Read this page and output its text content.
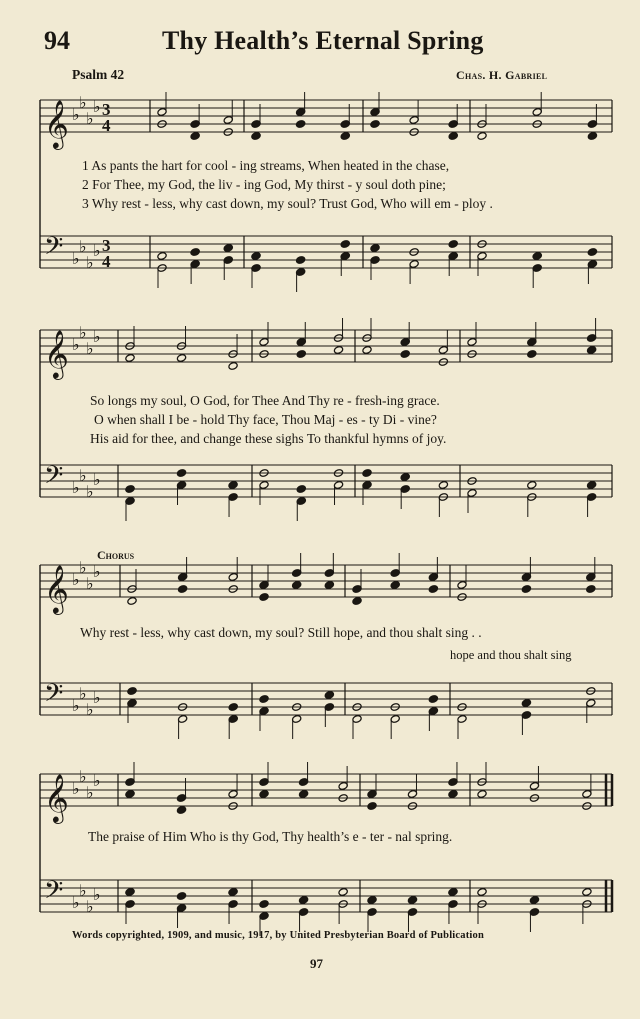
94	Thy Health’s Eternal Spring
Psalm 42	Chas. H. Gabriel
𝄞 ♭
♭
♭
♭ 3
4
𝄢 ♭
♭
♭
♭ 3
4
1 As pants the hart for cool - ing streams, When heated in the chase,
2 For Thee, my God, the liv - ing God, My thirst - y soul doth pine;
3 Why rest - less, why cast down, my soul? Trust God, Who will em - ploy .
𝄞 ♭
♭
♭
♭
𝄢 ♭
♭
♭
♭
So longs my soul, O God, for Thee And Thy re - fresh-ing grace.
O when shall I be - hold Thy face, Thou Maj - es - ty Di - vine?
His aid for thee, and change these sighs To thankful hymns of joy.
Chorus
𝄞 ♭
♭
♭
♭
𝄢 ♭
♭
♭
♭
Why rest - less, why cast down, my soul? Still hope, and thou shalt sing . .
hope and thou shalt sing
𝄞 ♭
♭
♭
♭
𝄢 ♭
♭
♭
♭
The praise of Him Who is thy God, Thy health’s e - ter - nal spring.
Words copyrighted, 1909, and music, 1917, by United Presbyterian Board of Publication
97
